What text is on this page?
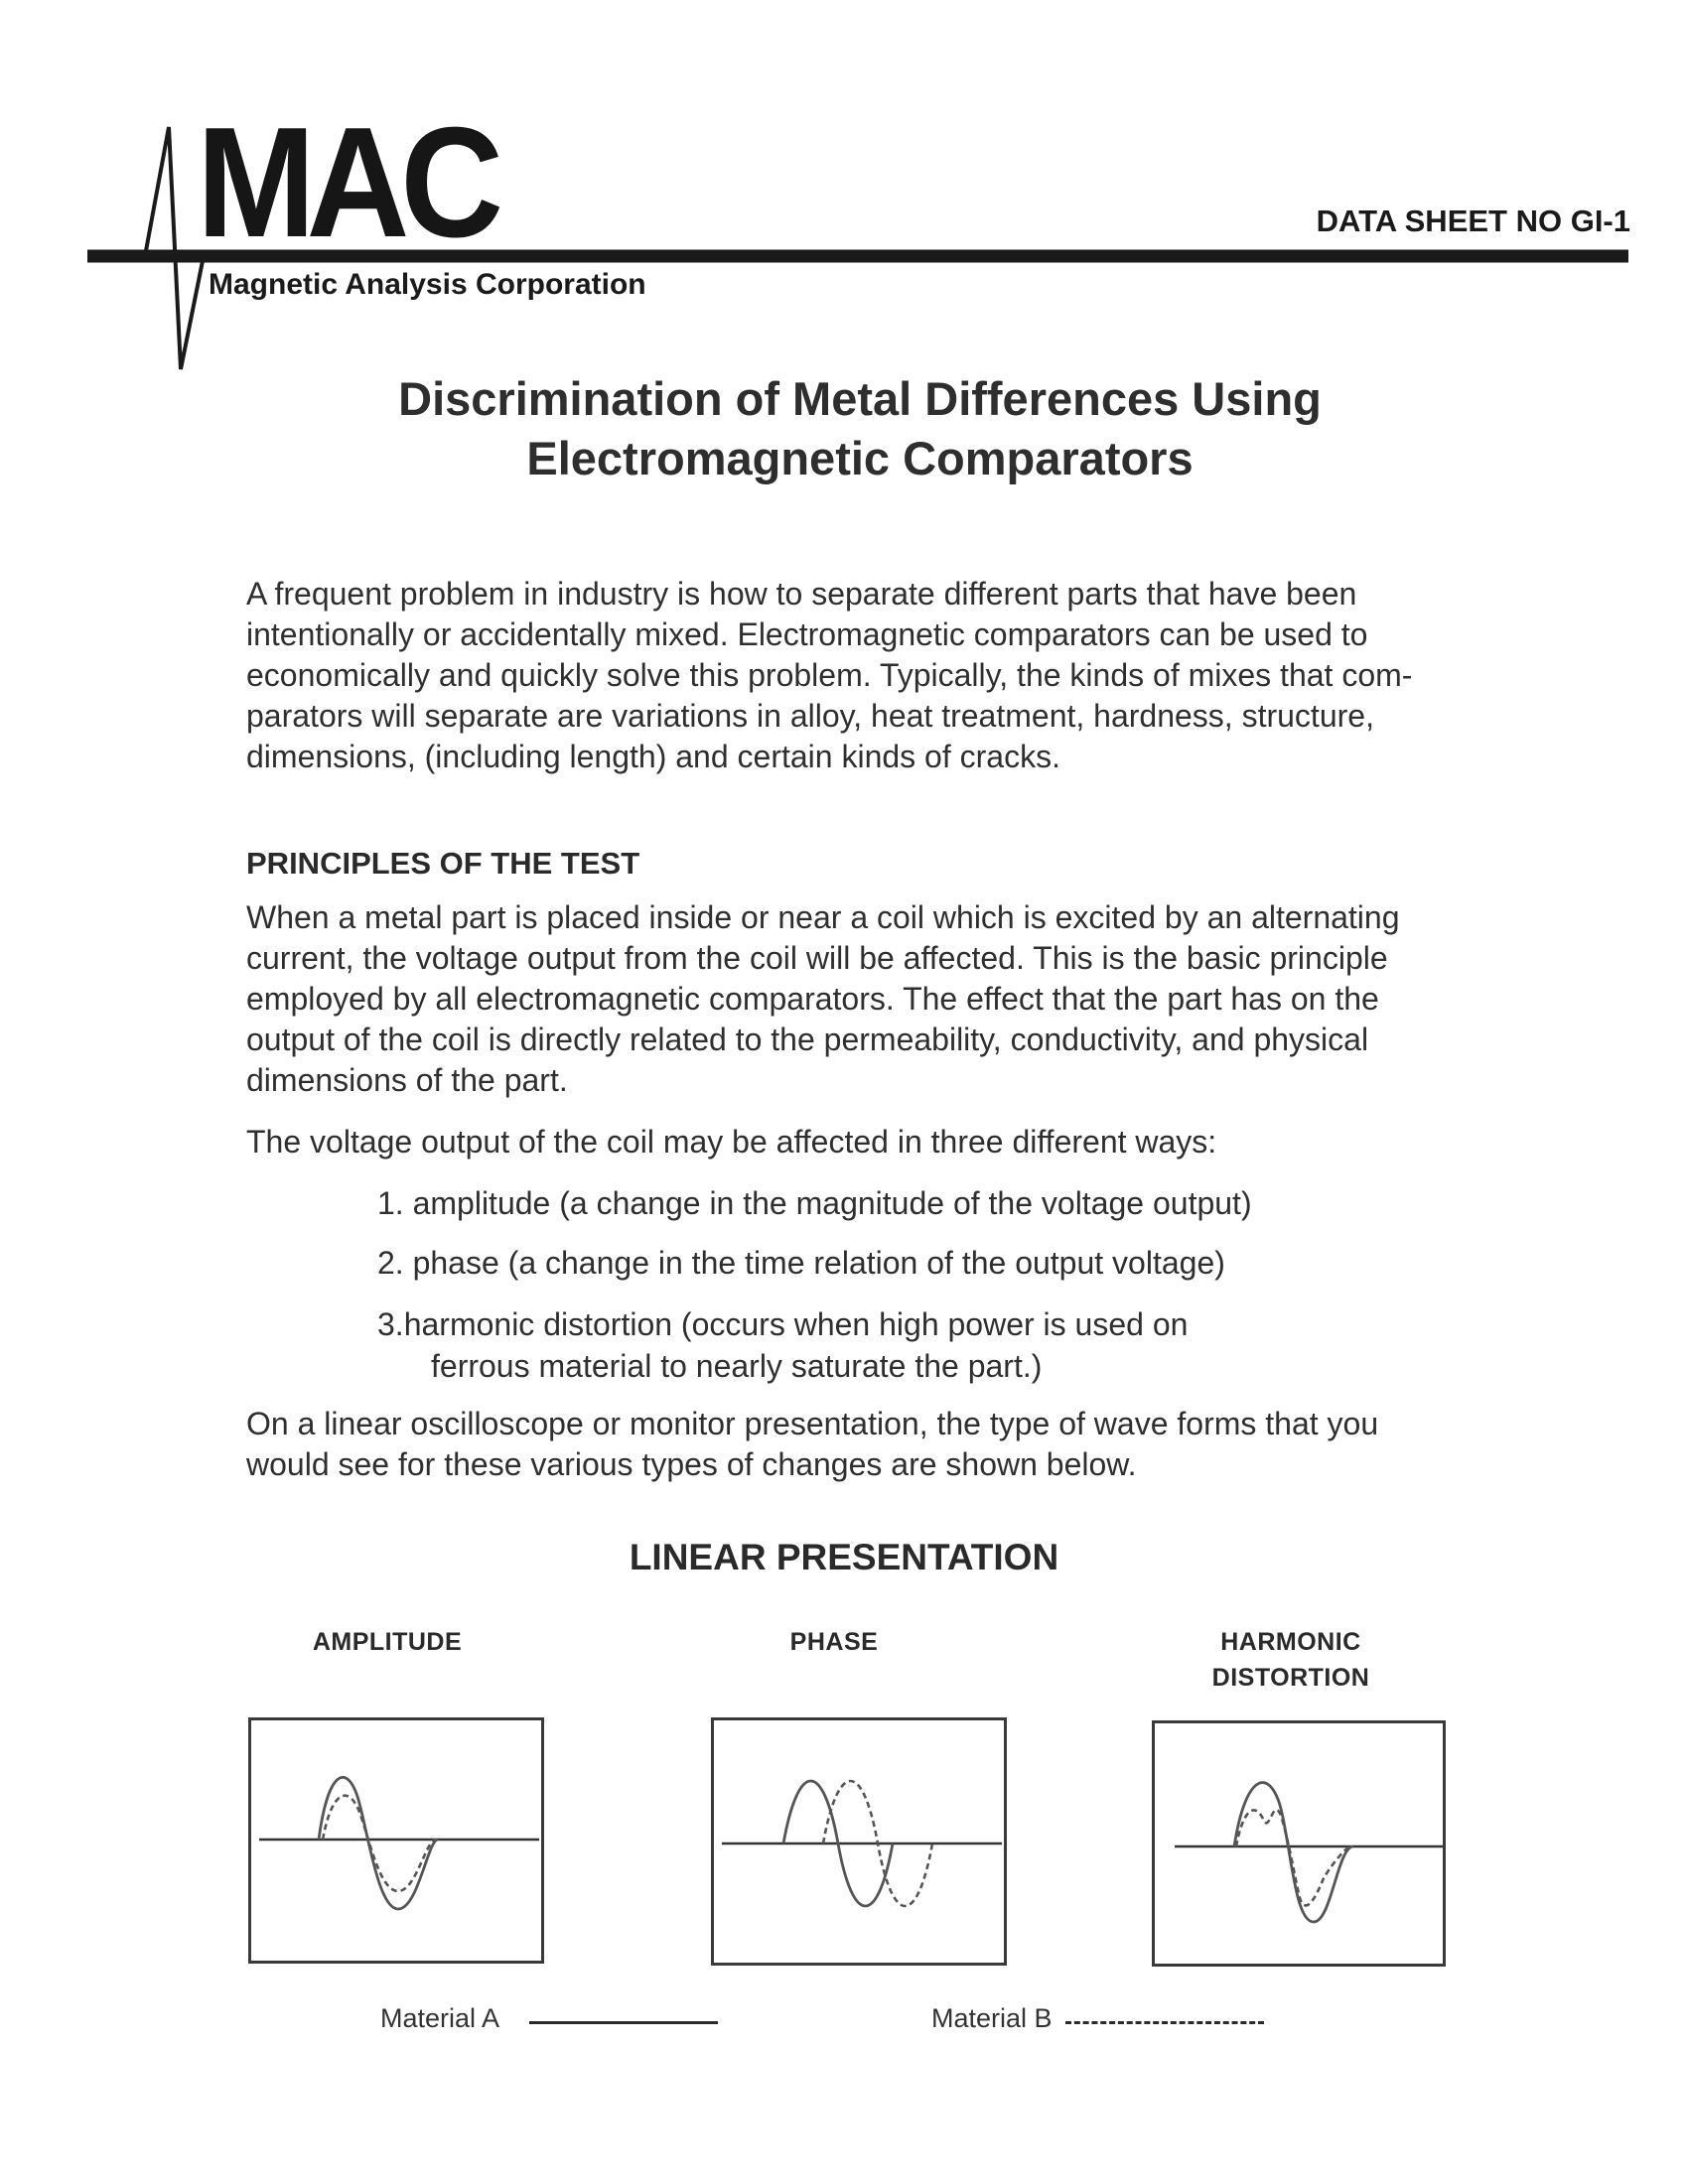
MAC
Magnetic Analysis Corporation
DATA SHEET NO GI-1
Discrimination of Metal Differences Using
Electromagnetic Comparators
A frequent problem in industry is how to separate different parts that have been
intentionally or accidentally mixed. Electromagnetic comparators can be used to
economically and quickly solve this problem. Typically, the kinds of mixes that com-
parators will separate are variations in alloy, heat treatment, hardness, structure,
dimensions, (including length) and certain kinds of cracks.
PRINCIPLES OF THE TEST
When a metal part is placed inside or near a coil which is excited by an alternating
current, the voltage output from the coil will be affected. This is the basic principle
employed by all electromagnetic comparators. The effect that the part has on the
output of the coil is directly related to the permeability, conductivity, and physical
dimensions of the part.
The voltage output of the coil may be affected in three different ways:
1. amplitude (a change in the magnitude of the voltage output)
2. phase (a change in the time relation of the output voltage)
3.harmonic distortion (occurs when high power is used on
ferrous material to nearly saturate the part.)
On a linear oscilloscope or monitor presentation, the type of wave forms that you
would see for these various types of changes are shown below.
LINEAR PRESENTATION
AMPLITUDE	PHASE	HARMONIC
DISTORTION
Material A	Material B
